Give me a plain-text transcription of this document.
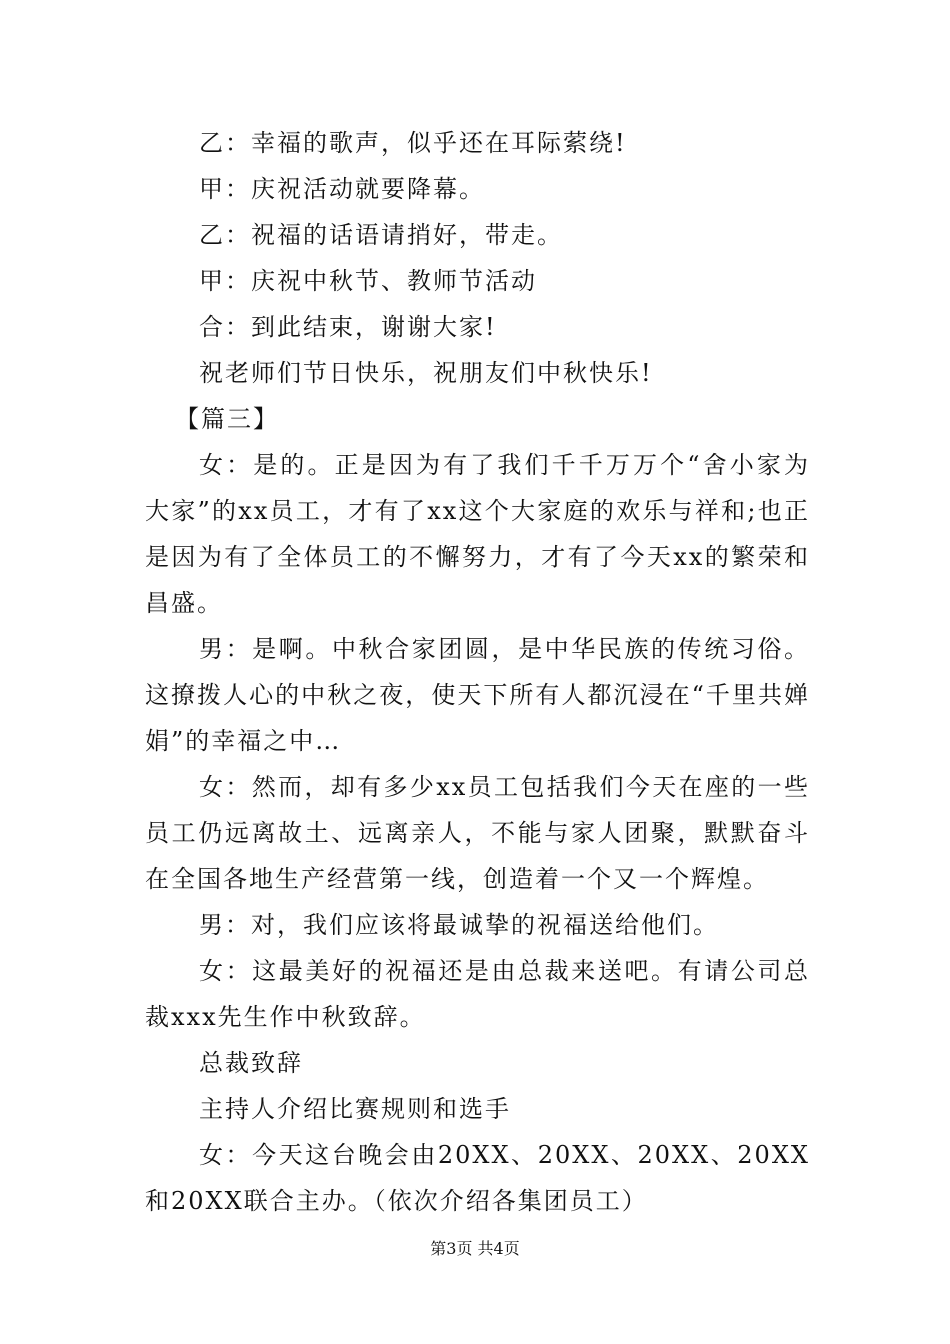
乙：幸福的歌声，似乎还在耳际萦绕!

甲：庆祝活动就要降幕。

乙：祝福的话语请捎好，带走。

甲：庆祝中秋节、教师节活动

合：到此结束，谢谢大家!

祝老师们节日快乐，祝朋友们中秋快乐!

【篇三】

女：是的。正是因为有了我们千千万万个“舍小家为大家”的xx员工，才有了xx这个大家庭的欢乐与祥和;也正是因为有了全体员工的不懈努力，才有了今天xx的繁荣和昌盛。

男：是啊。中秋合家团圆，是中华民族的传统习俗。这撩拨人心的中秋之夜，使天下所有人都沉浸在“千里共婵娟”的幸福之中…

女：然而，却有多少xx员工包括我们今天在座的一些员工仍远离故土、远离亲人，不能与家人团聚，默默奋斗在全国各地生产经营第一线，创造着一个又一个辉煌。

男：对，我们应该将最诚挚的祝福送给他们。

女：这最美好的祝福还是由总裁来送吧。有请公司总裁xxx先生作中秋致辞。

总裁致辞

主持人介绍比赛规则和选手

女：今天这台晚会由20XX、20XX、20XX、20XX和20XX联合主办。（依次介绍各集团员工）

第3页 共4页
